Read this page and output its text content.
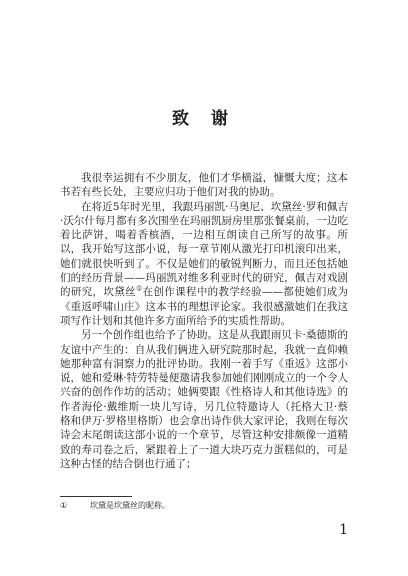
致 谢

我很幸运拥有不少朋友，他们才华横溢，慷慨大度；这本书若有些长处，主要应归功于他们对我的协助。

在将近5年时光里，我跟玛丽凯·马奥尼、坎黛丝·罗和佩吉·沃尔什每月都有多次围坐在玛丽凯厨房里那张餐桌前，一边吃着比萨饼，喝着香槟酒，一边相互朗读自己所写的故事。所以，我开始写这部小说，每一章节刚从激光打印机滚印出来，她们就很快听到了。不仅是她们的敏锐判断力，而且还包括她们的经历背景——玛丽凯对维多利亚时代的研究，佩吉对戏剧的研究，坎黛丝①在创作课程中的教学经验——都使她们成为《重返呼啸山庄》这本书的理想评论家。我很感激她们在我这项写作计划和其他许多方面所给予的实质性帮助。

另一个创作组也给予了协助。这是从我跟雨贝卡·桑德斯的友谊中产生的：自从我们俩进入研究院那时起，我就一直仰赖她那种富有洞察力的批评协助。我刚一着手写《重返》这部小说，她和爱琳·特劳特曼便邀请我参加她们刚刚成立的一个令人兴奋的创作作坊的活动；她俩要跟《性格诗人和其他诗选》的作者海伦·戴维斯一块儿写诗，另几位特邀诗人（托格大卫·蔡格和伊万·罗格里格斯）也会拿出诗作供大家评论，我则在每次诗会末尾朗读这部小说的一个章节，尽管这种安排颇像一道精致的寿司卷之后，紧跟着上了一道大块巧克力蛋糕似的，可是这种古怪的结合倒也行通了；

①	坎黛是坎黛丝的昵称。
1
